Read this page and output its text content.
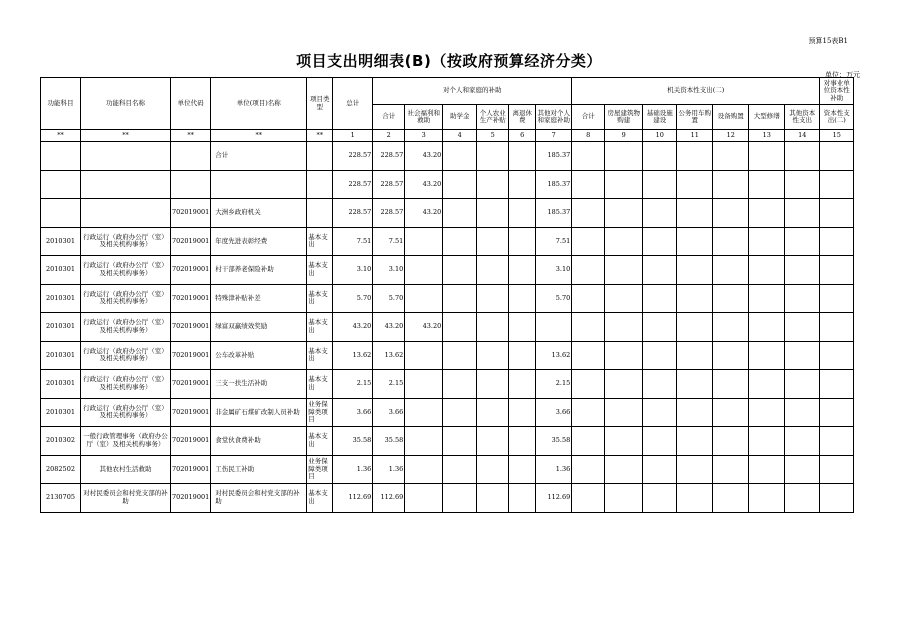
预算15表B1
项目支出明细表(B)（按政府预算经济分类）
单位：万元
功能科目	功能科目名称	单位代码	单位(项目)名称	项目类型	总计	对个人和家庭的补助						机关资本性支出(二)							对事业单位资本性补助
						合计	社会福利和救助	助学金	个人农业生产补贴	离退休费	其他对个人和家庭补助	合计	房屋建筑物购建	基础设施建设	公务用车购置	设备购置	大型修缮	其他资本性支出	资本性支出(二)
**	**	**	**	**	1	2	3	4	5	6	7	8	9	10	11	12	13	14	15
			合计		228.57	228.57	43.20				185.37								
					228.57	228.57	43.20				185.37								
		702019001	大洲乡政府机关		228.57	228.57	43.20				185.37								
2010301	行政运行（政府办公厅（室）及相关机构事务）	702019001	年度先进表彰经费	基本支出	7.51	7.51					7.51								
2010301	行政运行（政府办公厅（室）及相关机构事务）	702019001	村干部养老保险补助	基本支出	3.10	3.10					3.10								
2010301	行政运行（政府办公厅（室）及相关机构事务）	702019001	特殊津补贴补差	基本支出	5.70	5.70					5.70								
2010301	行政运行（政府办公厅（室）及相关机构事务）	702019001	绿富双赢绩效奖励	基本支出	43.20	43.20	43.20												
2010301	行政运行（政府办公厅（室）及相关机构事务）	702019001	公车改革补贴	基本支出	13.62	13.62					13.62								
2010301	行政运行（政府办公厅（室）及相关机构事务）	702019001	三支一扶生活补助	基本支出	2.15	2.15					2.15								
2010301	行政运行（政府办公厅（室）及相关机构事务）	702019001	非金属矿石煤矿改制人员补助	业务保障类项目	3.66	3.66					3.66								
2010302	一般行政管理事务（政府办公厅（室）及相关机构事务）	702019001	食堂伙食费补助	基本支出	35.58	35.58					35.58								
2082502	其他农村生活救助	702019001	工伤民工补助	业务保障类项目	1.36	1.36					1.36								
2130705	对村民委员会和村党支部的补助	702019001	对村民委员会和村党支部的补助	基本支出	112.69	112.69					112.69								
